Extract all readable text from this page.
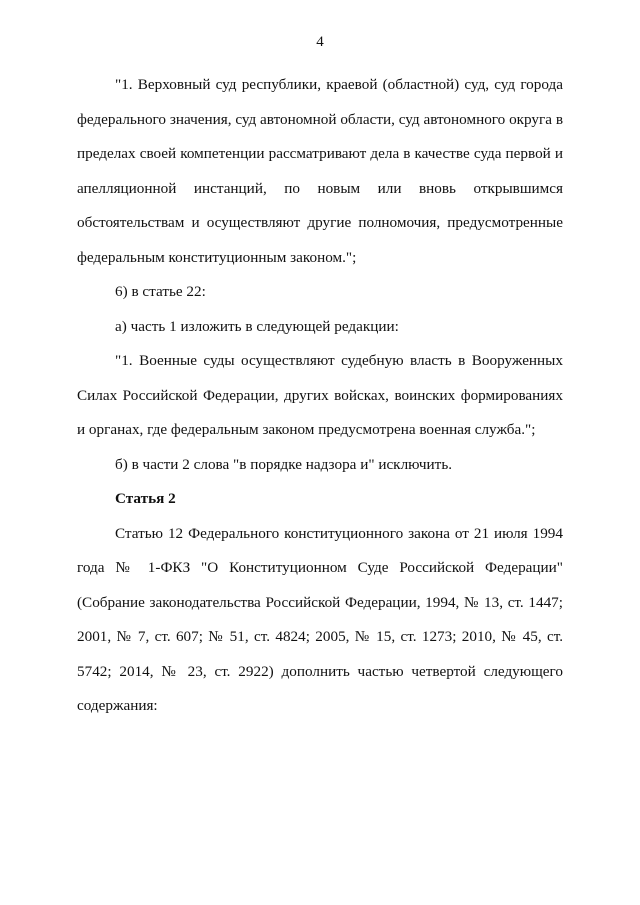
4

"1. Верховный суд республики, краевой (областной) суд, суд города федерального значения, суд автономной области, суд автономного округа в пределах своей компетенции рассматривают дела в качестве суда первой и апелляционной инстанций, по новым или вновь открывшимся обстоятельствам и осуществляют другие полномочия, предусмотренные федеральным конституционным законом.";

6) в статье 22:

а) часть 1 изложить в следующей редакции:

"1. Военные суды осуществляют судебную власть в Вооруженных Силах Российской Федерации, других войсках, воинских формированиях и органах, где федеральным законом предусмотрена военная служба.";

б) в части 2 слова "в порядке надзора и" исключить.

Статья 2

Статью 12 Федерального конституционного закона от 21 июля 1994 года № 1-ФКЗ "О Конституционном Суде Российской Федерации" (Собрание законодательства Российской Федерации, 1994, № 13, ст. 1447; 2001, № 7, ст. 607; № 51, ст. 4824; 2005, № 15, ст. 1273; 2010, № 45, ст. 5742; 2014, № 23, ст. 2922) дополнить частью четвертой следующего содержания:
